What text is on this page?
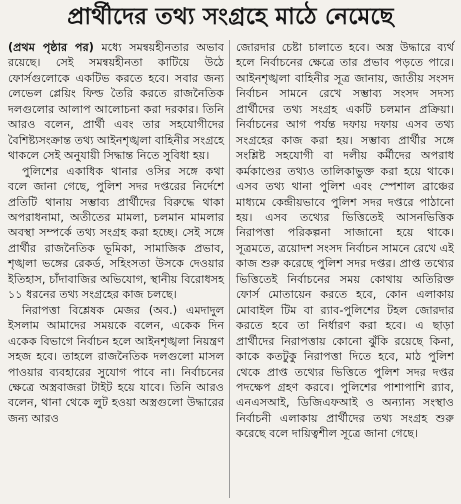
প্রার্থীদের তথ্য সংগ্রহে মাঠে নেমেছে

(প্রথম পৃষ্ঠার পর) মধ্যে সমন্বয়হীনতার অভাব রয়েছে। সেই সমন্বয়হীনতা কাটিয়ে উঠে ফোর্সগুলোকে একটিভ করতে হবে। সবার জন্য লেভেল প্লেয়িং ফিল্ড তৈরি করতে রাজনৈতিক দলগুলোর আলাপ আলোচনা করা দরকার। তিনি আরও বলেন, প্রার্থী এবং তার সহযোগীদের বৈশিষ্ট্যসংক্রান্ত তথ্য আইনশৃঙ্খলা বাহিনীর সংগ্রহে থাকলে সেই অনুযায়ী সিদ্ধান্ত নিতে সুবিধা হয়।

পুলিশের একাধিক থানার ওসির সঙ্গে কথা বলে জানা গেছে, পুলিশ সদর দপ্তরের নির্দেশে প্রতিটি থানায় সম্ভাব্য প্রার্থীদের বিরুদ্ধে থাকা অপরাধনামা, অতীতের মামলা, চলমান মামলার অবস্থা সম্পর্কে তথ্য সংগ্রহ করা হচ্ছে। সেই সঙ্গে প্রার্থীর রাজনৈতিক ভূমিকা, সামাজিক প্রভাব, শৃঙ্খলা ভঙ্গের রেকর্ড, সহিংসতা উসকে দেওয়ার ইতিহাস, চাঁদাবাজির অভিযোগ, স্থানীয় বিরোধসহ ১১ ধরনের তথ্য সংগ্রহের কাজ চলছে।

নিরাপত্তা বিশ্লেষক মেজর (অব.) এমদাদুল ইসলাম আমাদের সময়কে বলেন, একেক দিন একেক বিভাগে নির্বাচন হলে আইনশৃঙ্খলা নিয়ন্ত্রণ সহজ হবে। তাহলে রাজনৈতিক দলগুলো মাসল পাওয়ার ব্যবহারের সুযোগ পাবে না। নির্বাচনের ক্ষেত্রে অস্ত্রবাজরা টাইট হয়ে যাবে। তিনি আরও বলেন, থানা থেকে লুট হওয়া অস্ত্রগুলো উদ্ধারের জন্য আরও

জোরদার চেষ্টা চালাতে হবে। অস্ত্র উদ্ধারে ব্যর্থ হলে নির্বাচনের ক্ষেত্রে তার প্রভাব পড়তে পারে। আইনশৃঙ্খলা বাহিনীর সূত্র জানায়, জাতীয় সংসদ নির্বাচন সামনে রেখে সম্ভাব্য সংসদ সদস্য প্রার্থীদের তথ্য সংগ্রহ একটি চলমান প্রক্রিয়া। নির্বাচনের আগ পর্যন্ত দফায় দফায় এসব তথ্য সংগ্রহের কাজ করা হয়। সম্ভাব্য প্রার্থীর সঙ্গে সংশ্লিষ্ট সহযোগী বা দলীয় কর্মীদের অপরাধ কর্মকাণ্ডের তথ্যও তালিকাভুক্ত করা হয়ে থাকে। এসব তথ্য থানা পুলিশ এবং স্পেশাল ব্রাঞ্চের মাধ্যমে কেন্দ্রীয়ভাবে পুলিশ সদর দপ্তরে পাঠানো হয়। এসব তথ্যের ভিত্তিতেই আসনভিত্তিক নিরাপত্তা পরিকল্পনা সাজানো হয়ে থাকে। সূত্রমতে, ত্রয়োদশ সংসদ নির্বাচন সামনে রেখে এই কাজ শুরু করেছে পুলিশ সদর দপ্তর। প্রাপ্ত তথ্যের ভিত্তিতেই নির্বাচনের সময় কোথায় অতিরিক্ত ফোর্স মোতায়েন করতে হবে, কোন এলাকায় মোবাইল টিম বা র‌্যাব-পুলিশের টহল জোরদার করতে হবে তা নির্ধারণ করা হবে। এ ছাড়া প্রার্থীদের নিরাপত্তায় কোনো ঝুঁকি রয়েছে কিনা, কাকে কতটুকু নিরাপত্তা দিতে হবে, মাঠ পুলিশ থেকে প্রাপ্ত তথ্যের ভিত্তিতে পুলিশ সদর দপ্তর পদক্ষেপ গ্রহণ করবে। পুলিশের পাশাপাশি র‌্যাব, এনএসআই, ডিজিএফআই ও অন্যান্য সংস্থাও নির্বাচনী এলাকায় প্রার্থীদের তথ্য সংগ্রহ শুরু করেছে বলে দায়িত্বশীল সূত্রে জানা গেছে।
